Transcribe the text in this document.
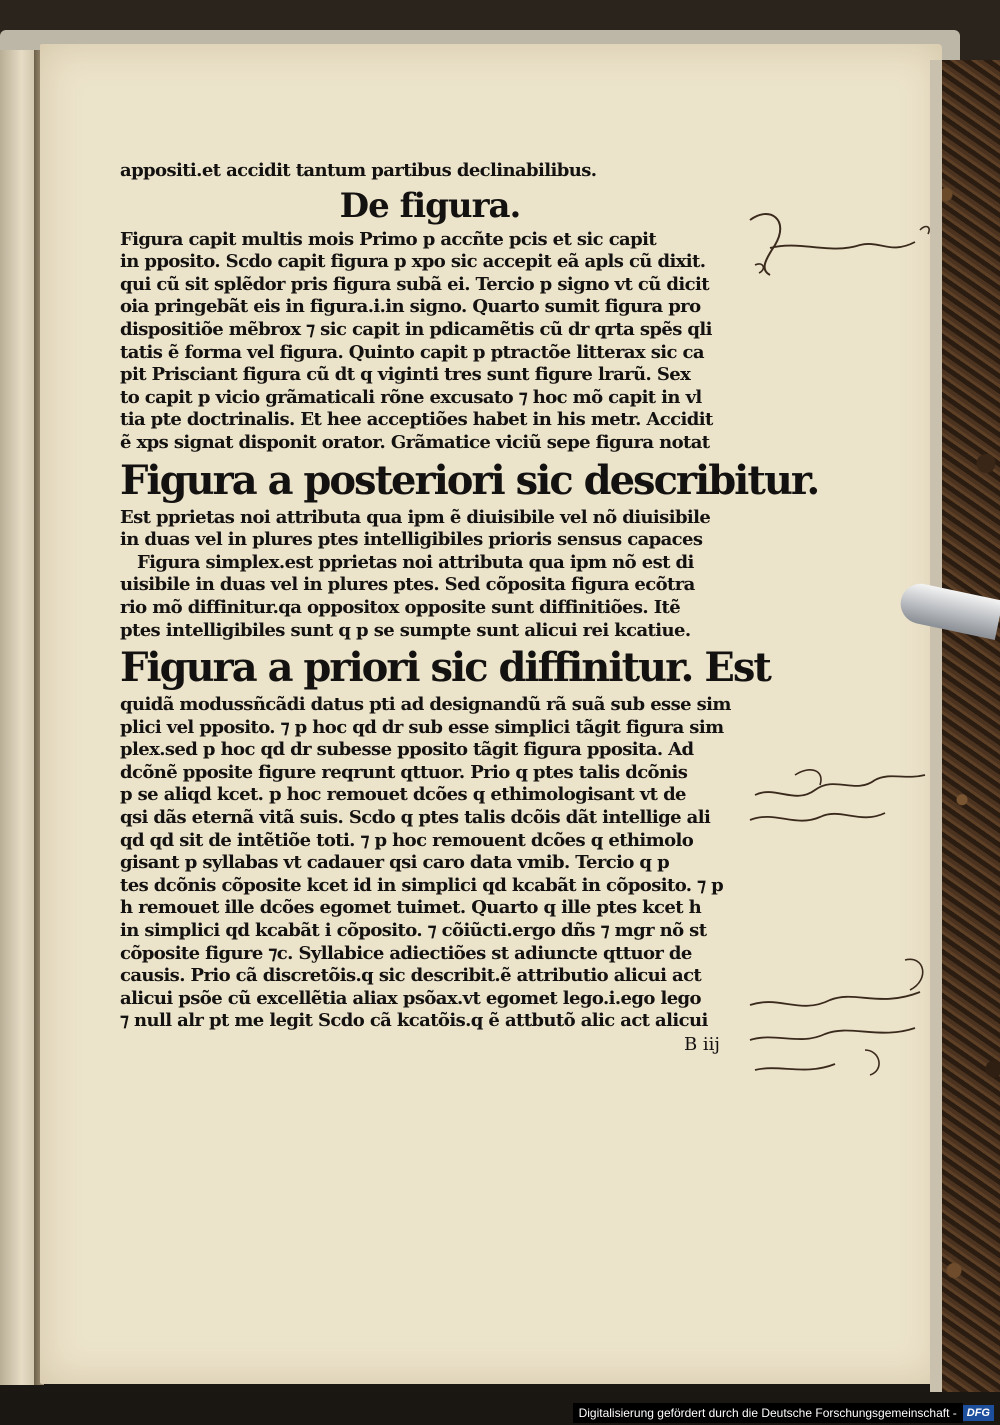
appositi.et accidit tantum partibus declinabilibus.
De figura.
Figura capit multis mois Primo p accñte pcis et sic capit
in pposito. Scdo capit figura p xpo sic accepit eã apls cũ dixit.
qui cũ sit splẽdor pris figura subã ei. Tercio p signo vt cũ dicit
oia pringebãt eis in figura.i.in signo. Quarto sumit figura pro
dispositiõe mẽbrox ⁊ sic capit in pdicamẽtis cũ dr qrta spẽs qli
tatis ẽ forma vel figura. Quinto capit p ptractõe litterax sic ca
pit Prisciant figura cũ dt q viginti tres sunt figure lrarũ. Sex
to capit p vicio grãmaticali rõne excusato ⁊ hoc mõ capit in vl
tia pte doctrinalis. Et hee acceptiões habet in his metr. Accidit
ẽ xps signat disponit orator. Grãmatice viciũ sepe figura notat
Figura a posteriori sic describitur.
Est pprietas noi attributa qua ipm ẽ diuisibile vel nõ diuisibile
in duas vel in plures ptes intelligibiles prioris sensus capaces
Figura simplex.est pprietas noi attributa qua ipm nõ est di
uisibile in duas vel in plures ptes. Sed cõposita figura ecõtra
rio mõ diffinitur.qa oppositox opposite sunt diffinitiões. Itẽ
ptes intelligibiles sunt q p se sumpte sunt alicui rei kcatiue.
Figura a priori sic diffinitur. Est
quidã modussñcãdi datus pti ad designandũ rã suã sub esse sim
plici vel pposito. ⁊ p hoc qd dr sub esse simplici tãgit figura sim
plex.sed p hoc qd dr subesse pposito tãgit figura pposita. Ad
dcõnẽ pposite figure reqrunt qttuor. Prio q ptes talis dcõnis
p se aliqd kcet. p hoc remouet dcões q ethimologisant vt de
qsi dãs eternã vitã suis. Scdo q ptes talis dcõis dãt intellige ali
qd qd sit de intẽtiõe toti. ⁊ p hoc remouent dcões q ethimolo
gisant p syllabas vt cadauer qsi caro data vmib. Tercio q p
tes dcõnis cõposite kcet id in simplici qd kcabãt in cõposito. ⁊ p
h remouet ille dcões egomet tuimet. Quarto q ille ptes kcet h
in simplici qd kcabãt i cõposito. ⁊ cõiũcti.ergo dñs ⁊ mgr nõ st
cõposite figure ⁊c. Syllabice adiectiões st adiuncte qttuor de
causis. Prio cã discretõis.q sic describit.ẽ attributio alicui act
alicui psõe cũ excellẽtia aliax psõax.vt egomet lego.i.ego lego
⁊ null alr pt me legit Scdo cã kcatõis.q ẽ attbutõ alic act alicui
B iij
Digitalisierung gefördert durch die Deutsche Forschungsgemeinschaft - DFG
